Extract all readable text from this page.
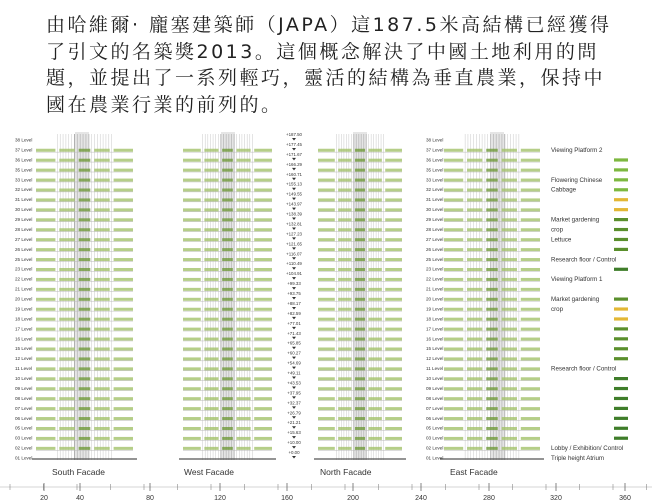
由哈維爾· 龐塞建築師（JAPA）這187.5米高結構已經獲得了引文的名築獎2013。這個概念解決了中國土地利用的問題，並提出了一系列輕巧，靈活的結構為垂直農業，保持中國在農業行業的前列的。
38 Level
37 Level
36 Level
35 Level
33 Level
32 Level
31 Level
30 Level
29 Level
28 Level
27 Level
26 Level
25 Level
23 Level
22 Level
21 Level
20 Level
19 Level
18 Level
17 Level
16 Level
15 Level
12 Level
11 Level
10 Level
09 Level
08 Level
07 Level
06 Level
05 Level
03 Level
02 Level
01 Level
38 Level
37 Level
36 Level
35 Level
33 Level
32 Level
31 Level
30 Level
29 Level
28 Level
27 Level
26 Level
25 Level
23 Level
22 Level
21 Level
20 Level
19 Level
18 Level
17 Level
16 Level
15 Level
12 Level
11 Level
10 Level
09 Level
08 Level
07 Level
06 Level
05 Level
03 Level
02 Level
01 Level
+187.50
+177.45
+171.67
+166.29
+160.71
+155.13
+149.55
+143.97
+138.39
+132.81
+127.23
+121.65
+116.07
+110.49
+104.91
+99.33
+93.75
+88.17
+82.59
+77.01
+71.43
+65.85
+60.27
+54.69
+49.11
+43.53
+37.95
+32.37
+26.79
+21.21
+15.63
+10.00
+0.00
South Facade	West Facade	North Facade	East Facade
Viewing Platform 2
Flowering Chinese
Cabbage
Market gardening
crop
Lettuce
Research floor / Control
Viewing Platform 1
Market gardening
crop
Research floor / Control
Lobby / Exhibition/ Control
Triple height Atrium
20	40	80	120	160	200	240	280	320	360
